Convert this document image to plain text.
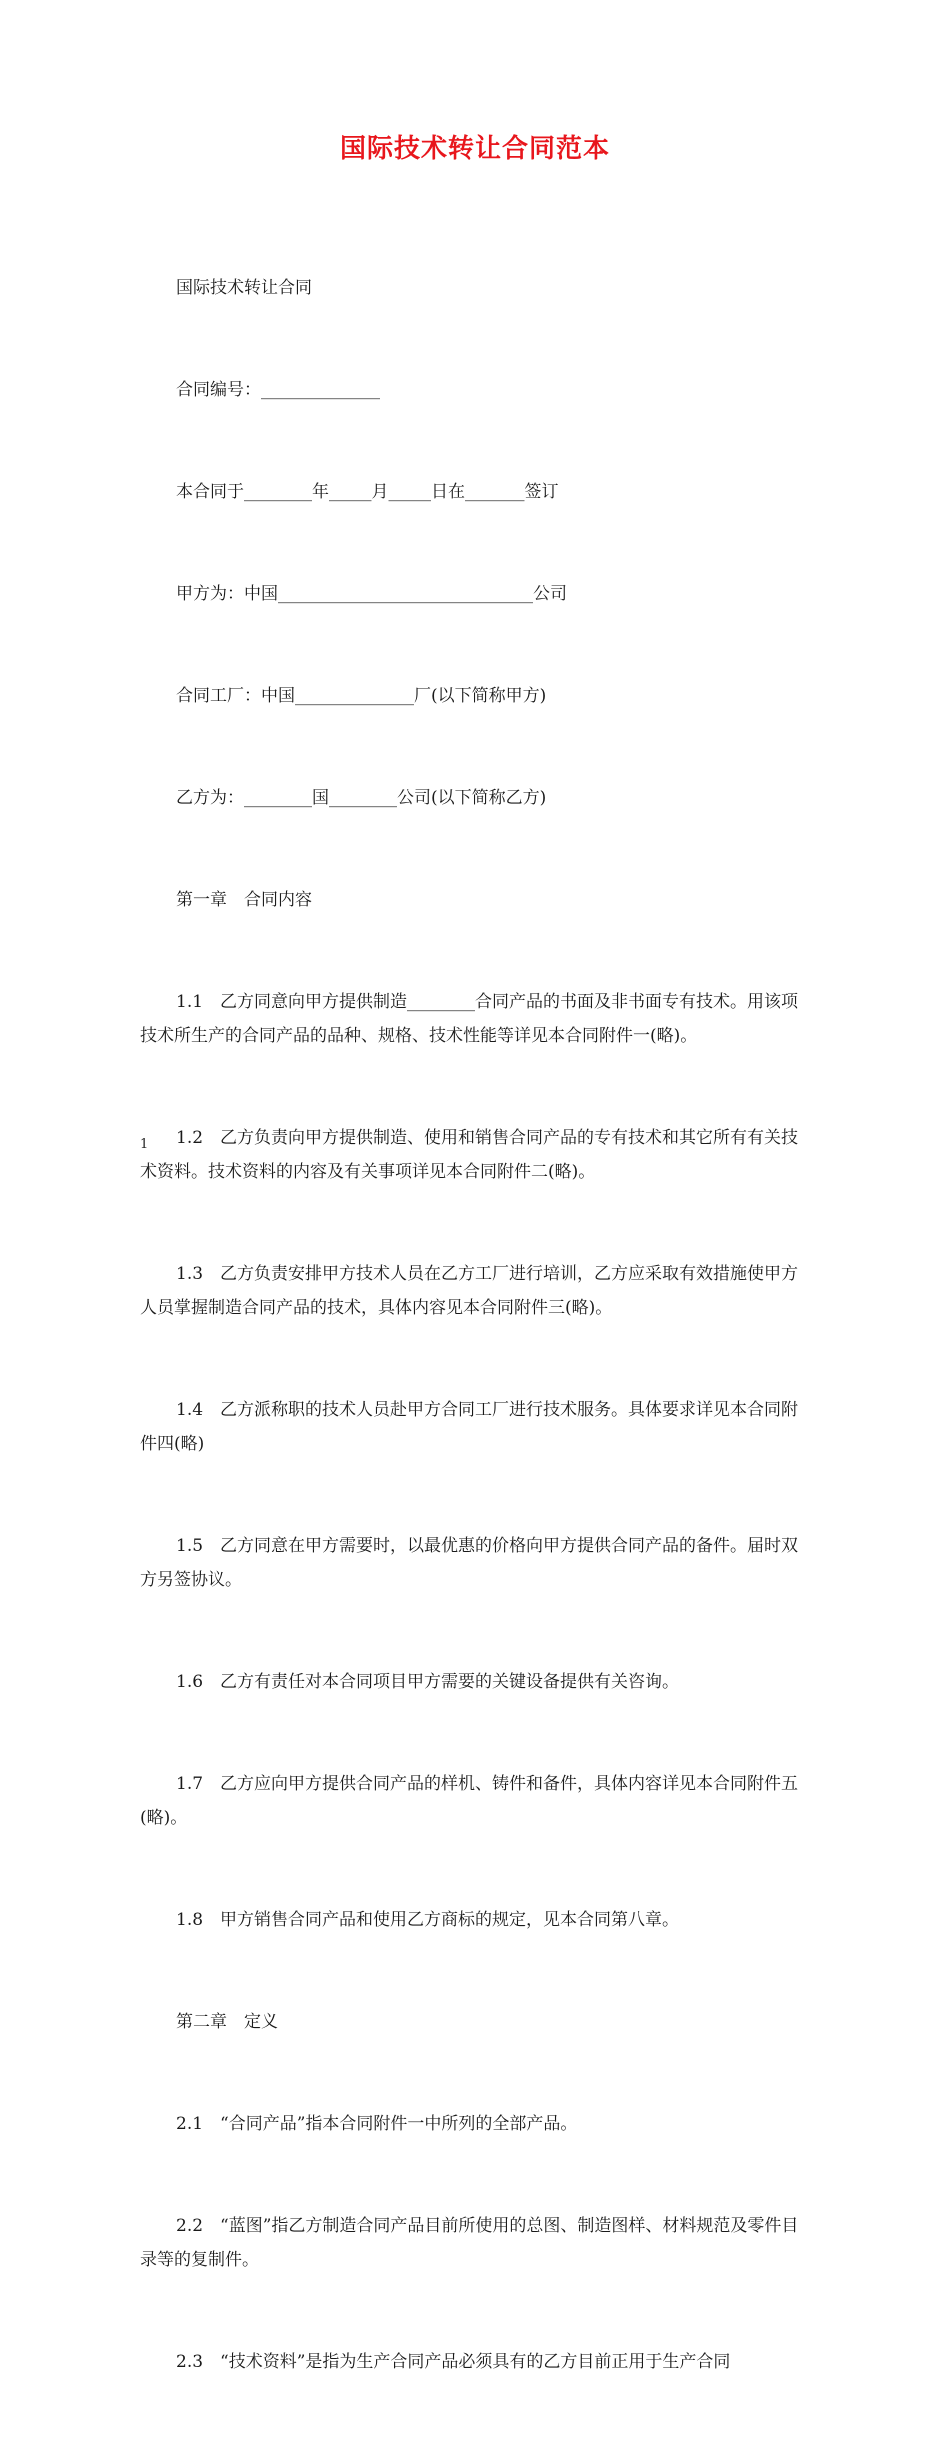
国际技术转让合同范本

国际技术转让合同

合同编号：______________

本合同于________年_____月_____日在_______签订

甲方为：中国______________________________公司

合同工厂：中国______________厂(以下简称甲方)

乙方为：________国________公司(以下简称乙方)

第一章　合同内容

1.1　乙方同意向甲方提供制造________合同产品的书面及非书面专有技术。用该项技术所生产的合同产品的品种、规格、技术性能等详见本合同附件一(略)。

1.2　乙方负责向甲方提供制造、使用和销售合同产品的专有技术和其它所有有关技术资料。技术资料的内容及有关事项详见本合同附件二(略)。

1.3　乙方负责安排甲方技术人员在乙方工厂进行培训，乙方应采取有效措施使甲方人员掌握制造合同产品的技术，具体内容见本合同附件三(略)。

1.4　乙方派称职的技术人员赴甲方合同工厂进行技术服务。具体要求详见本合同附件四(略)

1.5　乙方同意在甲方需要时，以最优惠的价格向甲方提供合同产品的备件。届时双方另签协议。

1.6　乙方有责任对本合同项目甲方需要的关键设备提供有关咨询。

1.7　乙方应向甲方提供合同产品的样机、铸件和备件，具体内容详见本合同附件五(略)。

1.8　甲方销售合同产品和使用乙方商标的规定，见本合同第八章。

第二章　定义

2.1　“合同产品”指本合同附件一中所列的全部产品。

2.2　“蓝图”指乙方制造合同产品目前所使用的总图、制造图样、材料规范及零件目录等的复制件。

2.3　“技术资料”是指为生产合同产品必须具有的乙方目前正用于生产合同

1
